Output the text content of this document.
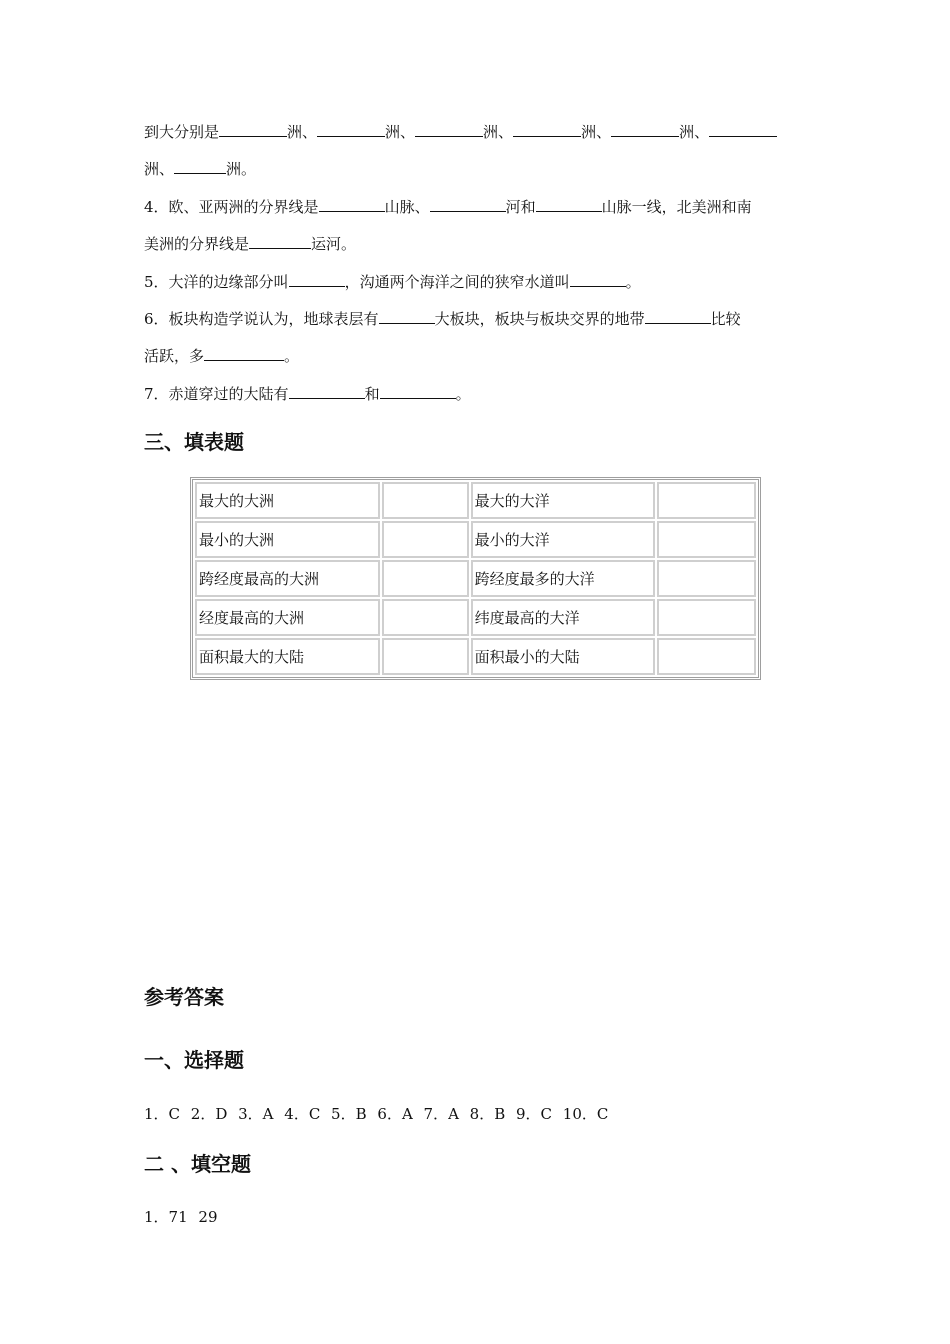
到大分别是	洲、	洲、	洲、	洲、	洲、
洲、	洲。
4．欧、亚两洲的分界线是	山脉、	河和	山脉一线，北美洲和南
美洲的分界线是	运河。
5．大洋的边缘部分叫	，沟通两个海洋之间的狭窄水道叫	。
6．板块构造学说认为，地球表层有	大板块，板块与板块交界的地带	比较
活跃，多	。
7．赤道穿过的大陆有	和	。
三、填表题
最大的大洲		最大的大洋	
最小的大洲		最小的大洋	
跨经度最高的大洲		跨经度最多的大洋	
经度最高的大洲		纬度最高的大洋	
面积最大的大陆		面积最小的大陆	
参考答案
一、选择题
1．C 2．D 3．A 4．C 5．B 6．A 7．A 8．B 9．C 10．C
二 、填空题
1．71 29
